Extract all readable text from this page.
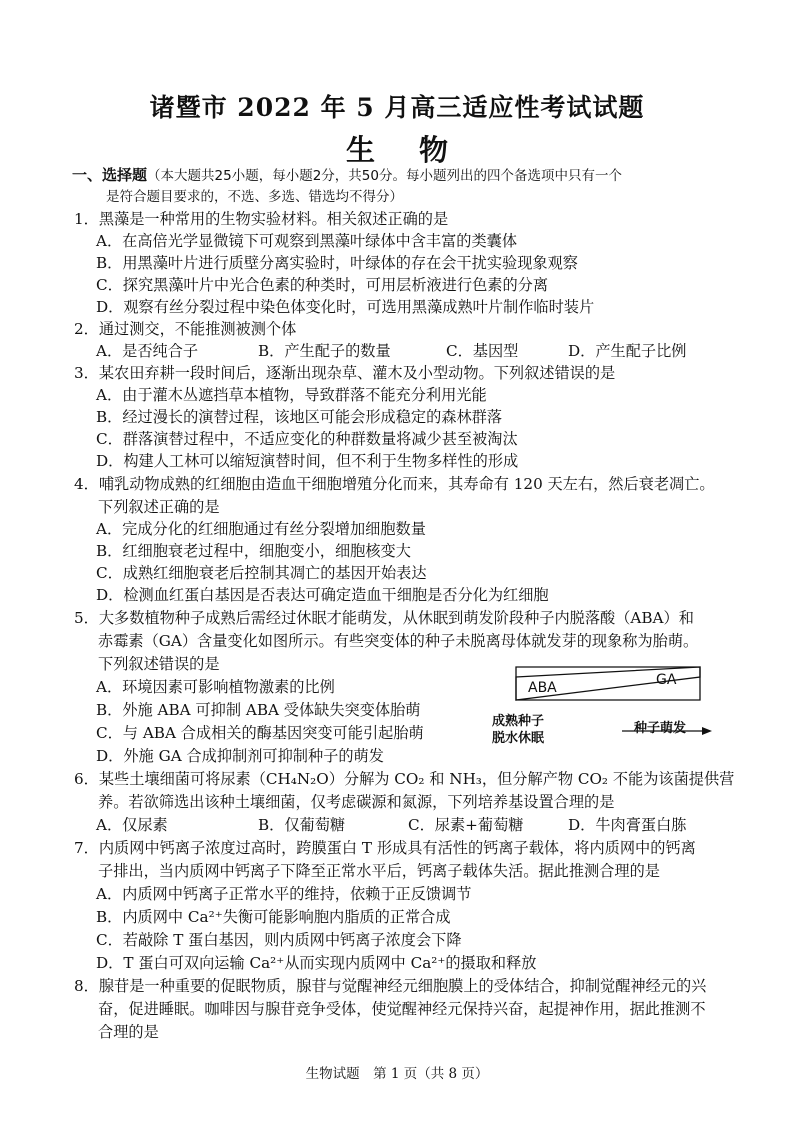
诸暨市 2022 年 5 月高三适应性考试试题
生物
一、选择题（本大题共25小题，每小题2分，共50分。每小题列出的四个备选项中只有一个
是符合题目要求的，不选、多选、错选均不得分）
1．黑藻是一种常用的生物实验材料。相关叙述正确的是
A．在高倍光学显微镜下可观察到黑藻叶绿体中含丰富的类囊体
B．用黑藻叶片进行质壁分离实验时，叶绿体的存在会干扰实验现象观察
C．探究黑藻叶片中光合色素的种类时，可用层析液进行色素的分离
D．观察有丝分裂过程中染色体变化时，可选用黑藻成熟叶片制作临时装片
2．通过测交，不能推测被测个体
A．是否纯合子	B．产生配子的数量	C．基因型	D．产生配子比例
3．某农田弃耕一段时间后，逐渐出现杂草、灌木及小型动物。下列叙述错误的是
A．由于灌木丛遮挡草本植物，导致群落不能充分利用光能
B．经过漫长的演替过程，该地区可能会形成稳定的森林群落
C．群落演替过程中，不适应变化的种群数量将减少甚至被淘汰
D．构建人工林可以缩短演替时间，但不利于生物多样性的形成
4．哺乳动物成熟的红细胞由造血干细胞增殖分化而来，其寿命有 120 天左右，然后衰老凋亡。
下列叙述正确的是
A．完成分化的红细胞通过有丝分裂增加细胞数量
B．红细胞衰老过程中，细胞变小，细胞核变大
C．成熟红细胞衰老后控制其凋亡的基因开始表达
D．检测血红蛋白基因是否表达可确定造血干细胞是否分化为红细胞
5．大多数植物种子成熟后需经过休眠才能萌发，从休眠到萌发阶段种子内脱落酸（ABA）和
赤霉素（GA）含量变化如图所示。有些突变体的种子未脱离母体就发芽的现象称为胎萌。
下列叙述错误的是
A．环境因素可影响植物激素的比例
B．外施 ABA 可抑制 ABA 受体缺失突变体胎萌
C．与 ABA 合成相关的酶基因突变可能引起胎萌
D．外施 GA 合成抑制剂可抑制种子的萌发
ABA	GA
成熟种子
脱水休眠
种子萌发
6．某些土壤细菌可将尿素（CH₄N₂O）分解为 CO₂ 和 NH₃，但分解产物 CO₂ 不能为该菌提供营
养。若欲筛选出该种土壤细菌，仅考虑碳源和氮源，下列培养基设置合理的是
A．仅尿素	B．仅葡萄糖	C．尿素+葡萄糖	D．牛肉膏蛋白胨
7．内质网中钙离子浓度过高时，跨膜蛋白 T 形成具有活性的钙离子载体，将内质网中的钙离
子排出，当内质网中钙离子下降至正常水平后，钙离子载体失活。据此推测合理的是
A．内质网中钙离子正常水平的维持，依赖于正反馈调节
B．内质网中 Ca²⁺失衡可能影响胞内脂质的正常合成
C．若敲除 T 蛋白基因，则内质网中钙离子浓度会下降
D．T 蛋白可双向运输 Ca²⁺从而实现内质网中 Ca²⁺的摄取和释放
8．腺苷是一种重要的促眠物质，腺苷与觉醒神经元细胞膜上的受体结合，抑制觉醒神经元的兴
奋，促进睡眠。咖啡因与腺苷竞争受体，使觉醒神经元保持兴奋，起提神作用，据此推测不
合理的是
生物试题　第 1 页（共 8 页）
